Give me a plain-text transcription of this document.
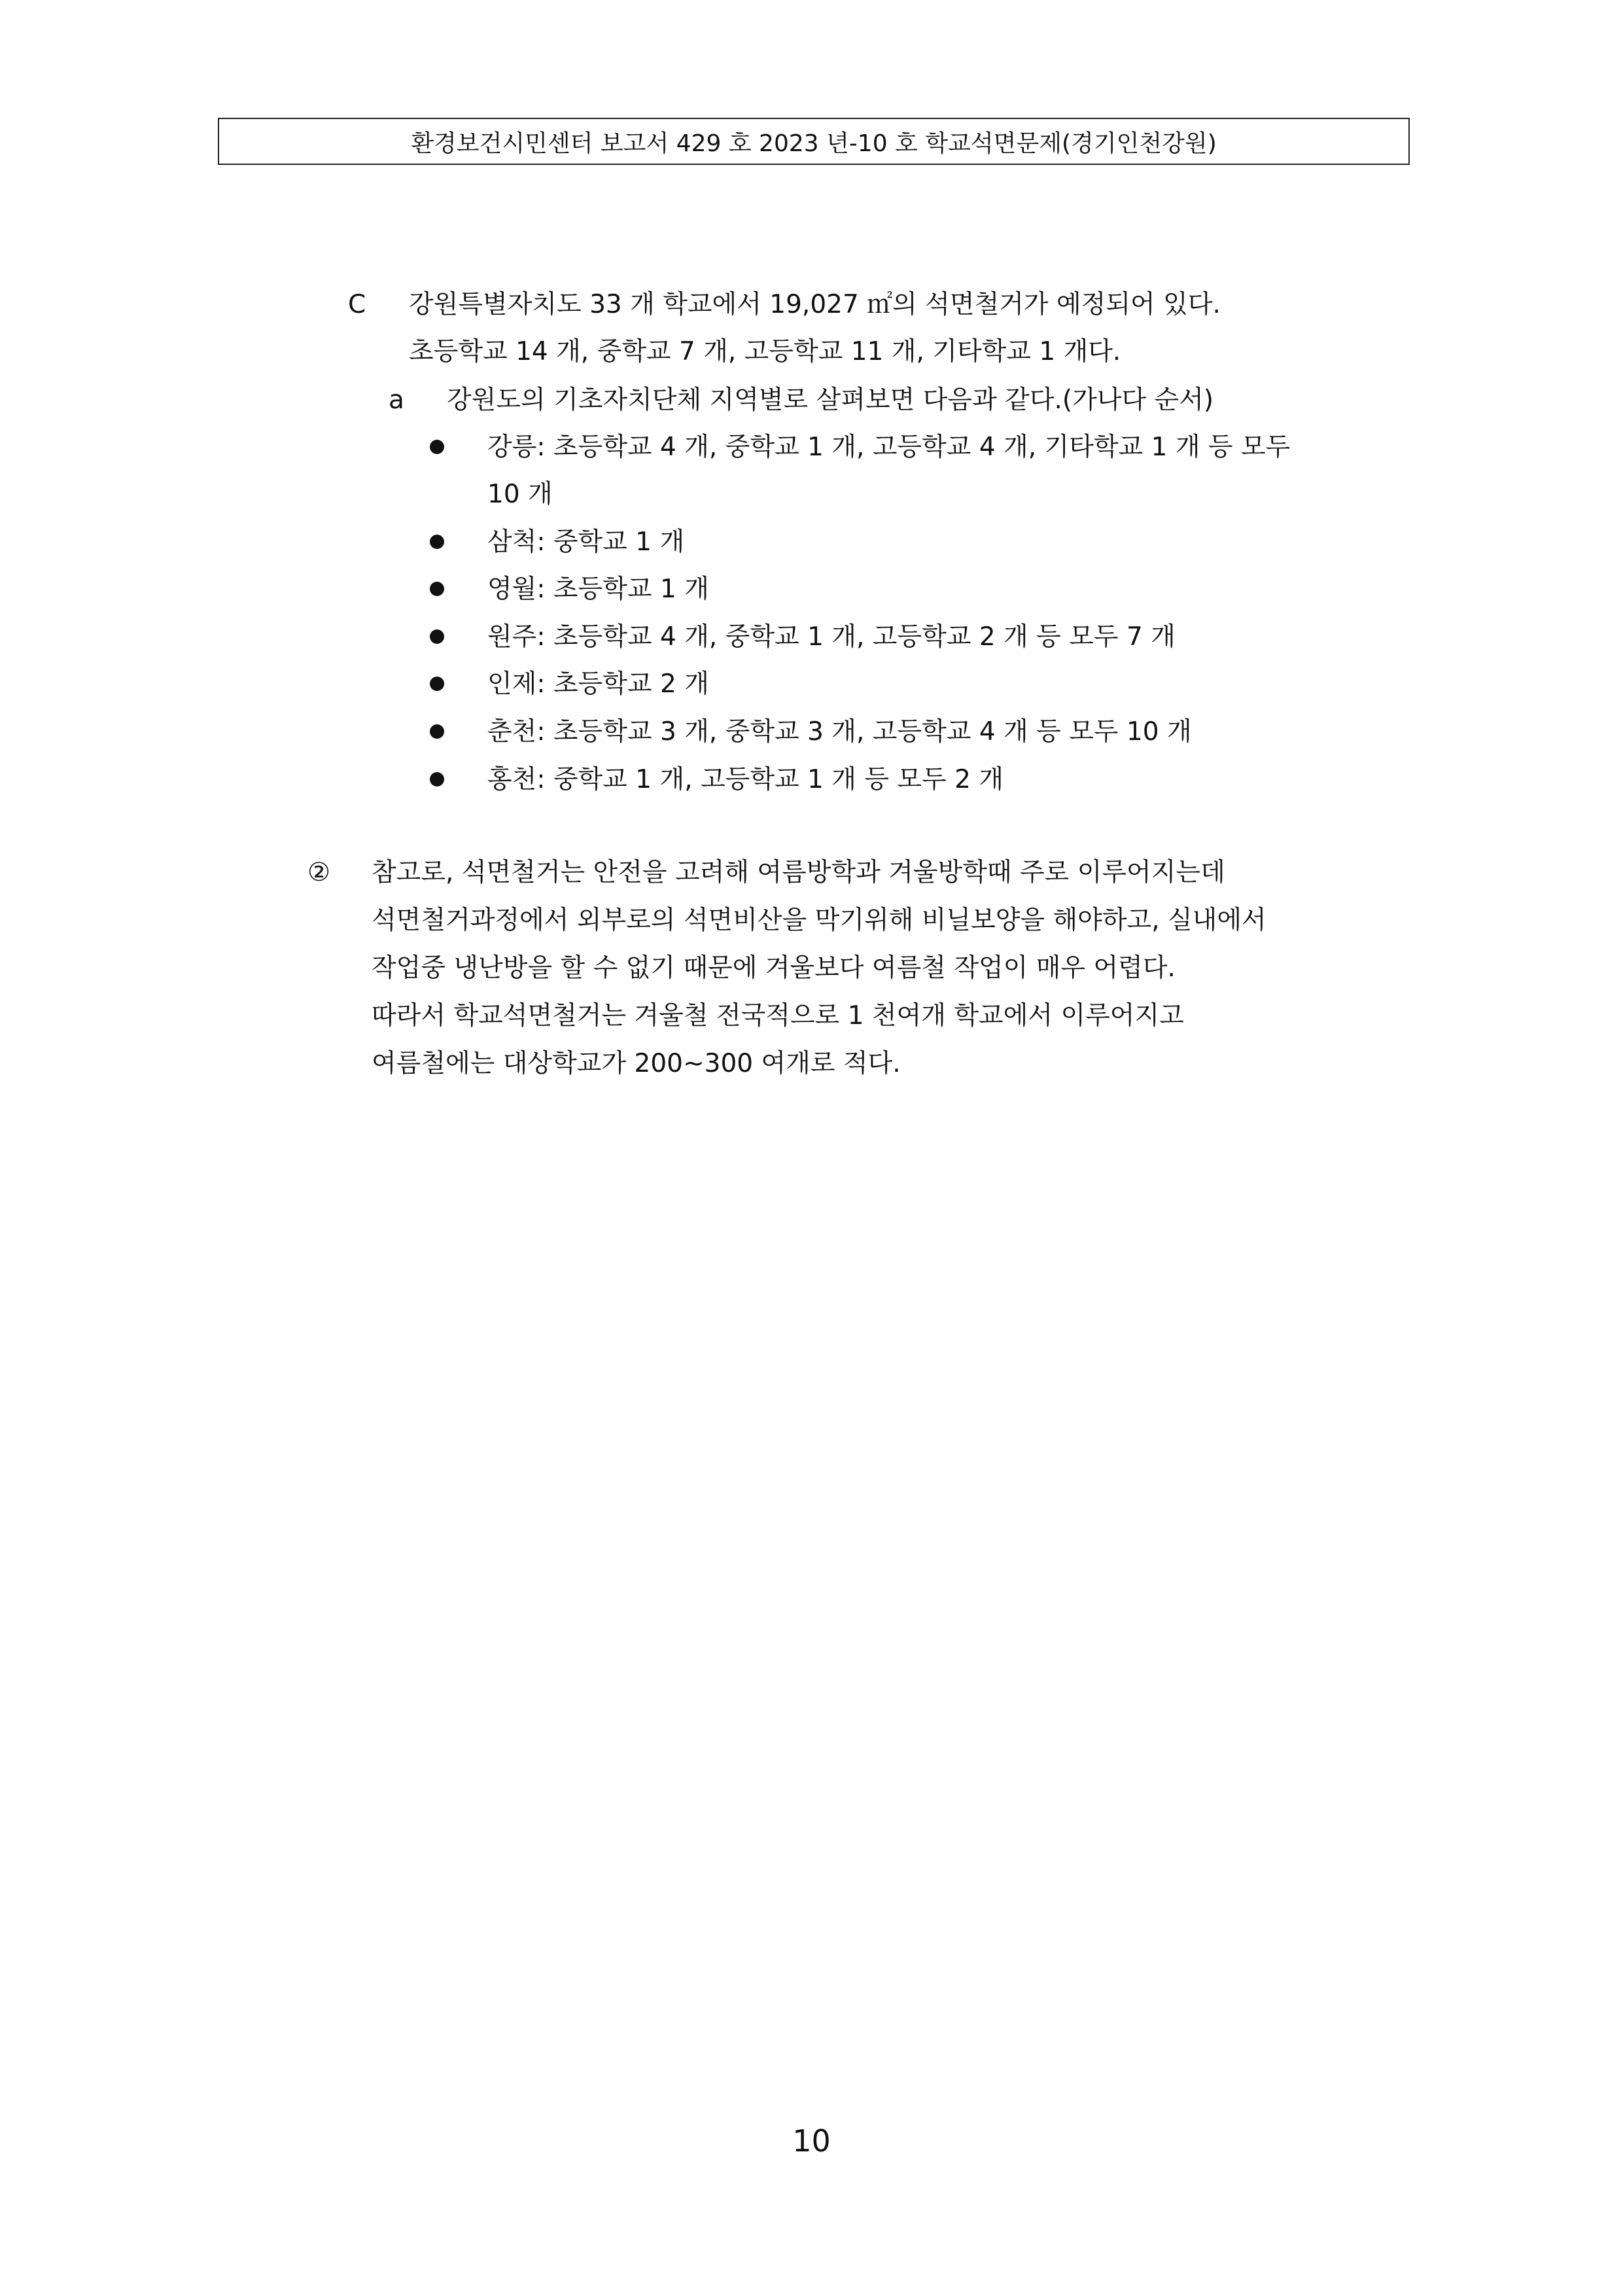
환경보건시민센터 보고서 429 호 2023 년-10 호 학교석면문제(경기인천강원)
C 강원특별자치도 33 개 학교에서 19,027 ㎡의 석면철거가 예정되어 있다.
초등학교 14 개, 중학교 7 개, 고등학교 11 개, 기타학교 1 개다.
a 강원도의 기초자치단체 지역별로 살펴보면 다음과 같다.(가나다 순서)
강릉: 초등학교 4 개, 중학교 1 개, 고등학교 4 개, 기타학교 1 개 등 모두
10 개
삼척: 중학교 1 개
영월: 초등학교 1 개
원주: 초등학교 4 개, 중학교 1 개, 고등학교 2 개 등 모두 7 개
인제: 초등학교 2 개
춘천: 초등학교 3 개, 중학교 3 개, 고등학교 4 개 등 모두 10 개
홍천: 중학교 1 개, 고등학교 1 개 등 모두 2 개
② 참고로, 석면철거는 안전을 고려해 여름방학과 겨울방학때 주로 이루어지는데
석면철거과정에서 외부로의 석면비산을 막기위해 비닐보양을 해야하고, 실내에서
작업중 냉난방을 할 수 없기 때문에 겨울보다 여름철 작업이 매우 어렵다.
따라서 학교석면철거는 겨울철 전국적으로 1 천여개 학교에서 이루어지고
여름철에는 대상학교가 200~300 여개로 적다.
10
